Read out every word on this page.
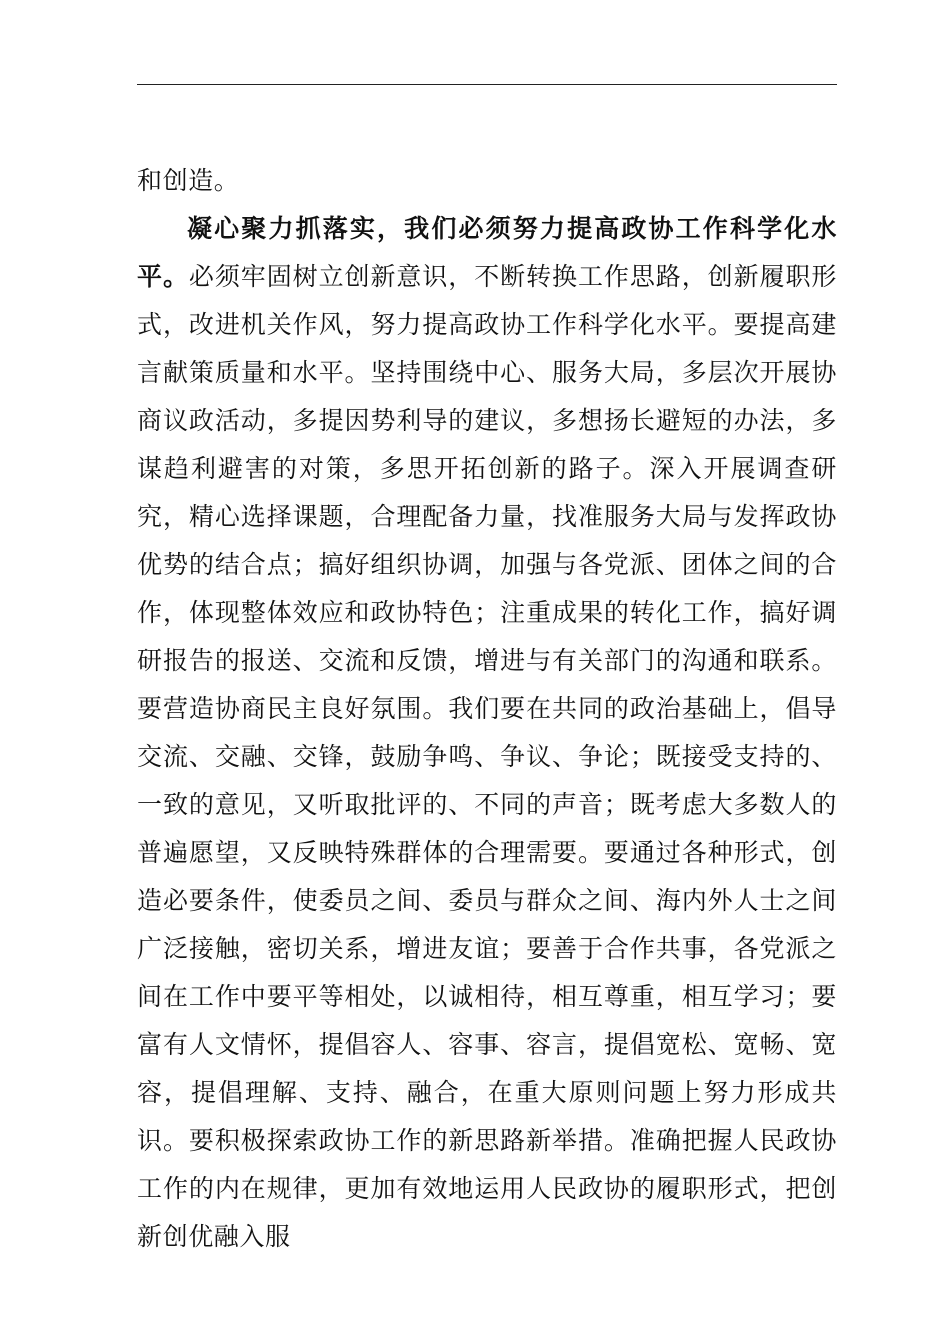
和创造。

凝心聚力抓落实，我们必须努力提高政协工作科学化水平。必须牢固树立创新意识，不断转换工作思路，创新履职形式，改进机关作风，努力提高政协工作科学化水平。要提高建言献策质量和水平。坚持围绕中心、服务大局，多层次开展协商议政活动，多提因势利导的建议，多想扬长避短的办法，多谋趋利避害的对策，多思开拓创新的路子。深入开展调查研究，精心选择课题，合理配备力量，找准服务大局与发挥政协优势的结合点；搞好组织协调，加强与各党派、团体之间的合作，体现整体效应和政协特色；注重成果的转化工作，搞好调研报告的报送、交流和反馈，增进与有关部门的沟通和联系。要营造协商民主良好氛围。我们要在共同的政治基础上，倡导交流、交融、交锋，鼓励争鸣、争议、争论；既接受支持的、一致的意见，又听取批评的、不同的声音；既考虑大多数人的普遍愿望，又反映特殊群体的合理需要。要通过各种形式，创造必要条件，使委员之间、委员与群众之间、海内外人士之间广泛接触，密切关系，增进友谊；要善于合作共事，各党派之间在工作中要平等相处，以诚相待，相互尊重，相互学习；要富有人文情怀，提倡容人、容事、容言，提倡宽松、宽畅、宽容，提倡理解、支持、融合，在重大原则问题上努力形成共识。要积极探索政协工作的新思路新举措。准确把握人民政协工作的内在规律，更加有效地运用人民政协的履职形式，把创新创优融入服
